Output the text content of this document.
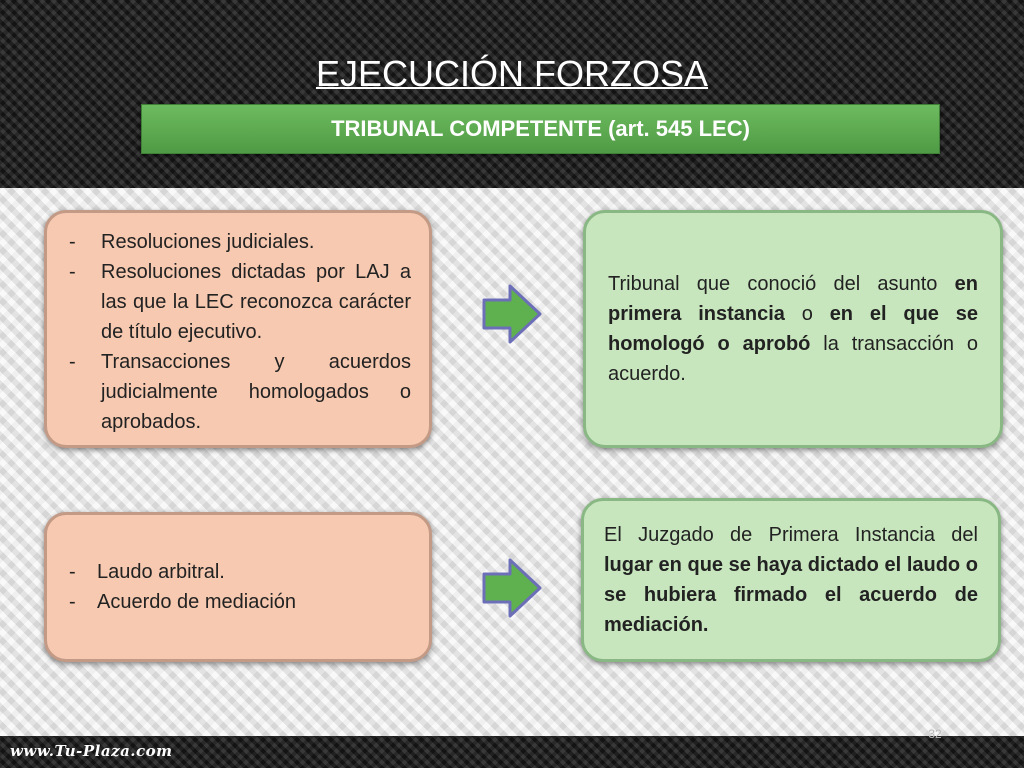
EJECUCIÓN FORZOSA
TRIBUNAL COMPETENTE (art. 545 LEC)
- Resoluciones judiciales.
- Resoluciones dictadas por LAJ a las que la LEC reconozca carácter de título ejecutivo.
- Transacciones y acuerdos judicialmente homologados o aprobados.

Tribunal que conoció del asunto en primera instancia o en el que se homologó o aprobó la transacción o acuerdo.

- Laudo arbitral.
- Acuerdo de mediación

El Juzgado de Primera Instancia del lugar en que se haya dictado el laudo o se hubiera firmado el acuerdo de mediación.

www.Tu-Plaza.com
32
